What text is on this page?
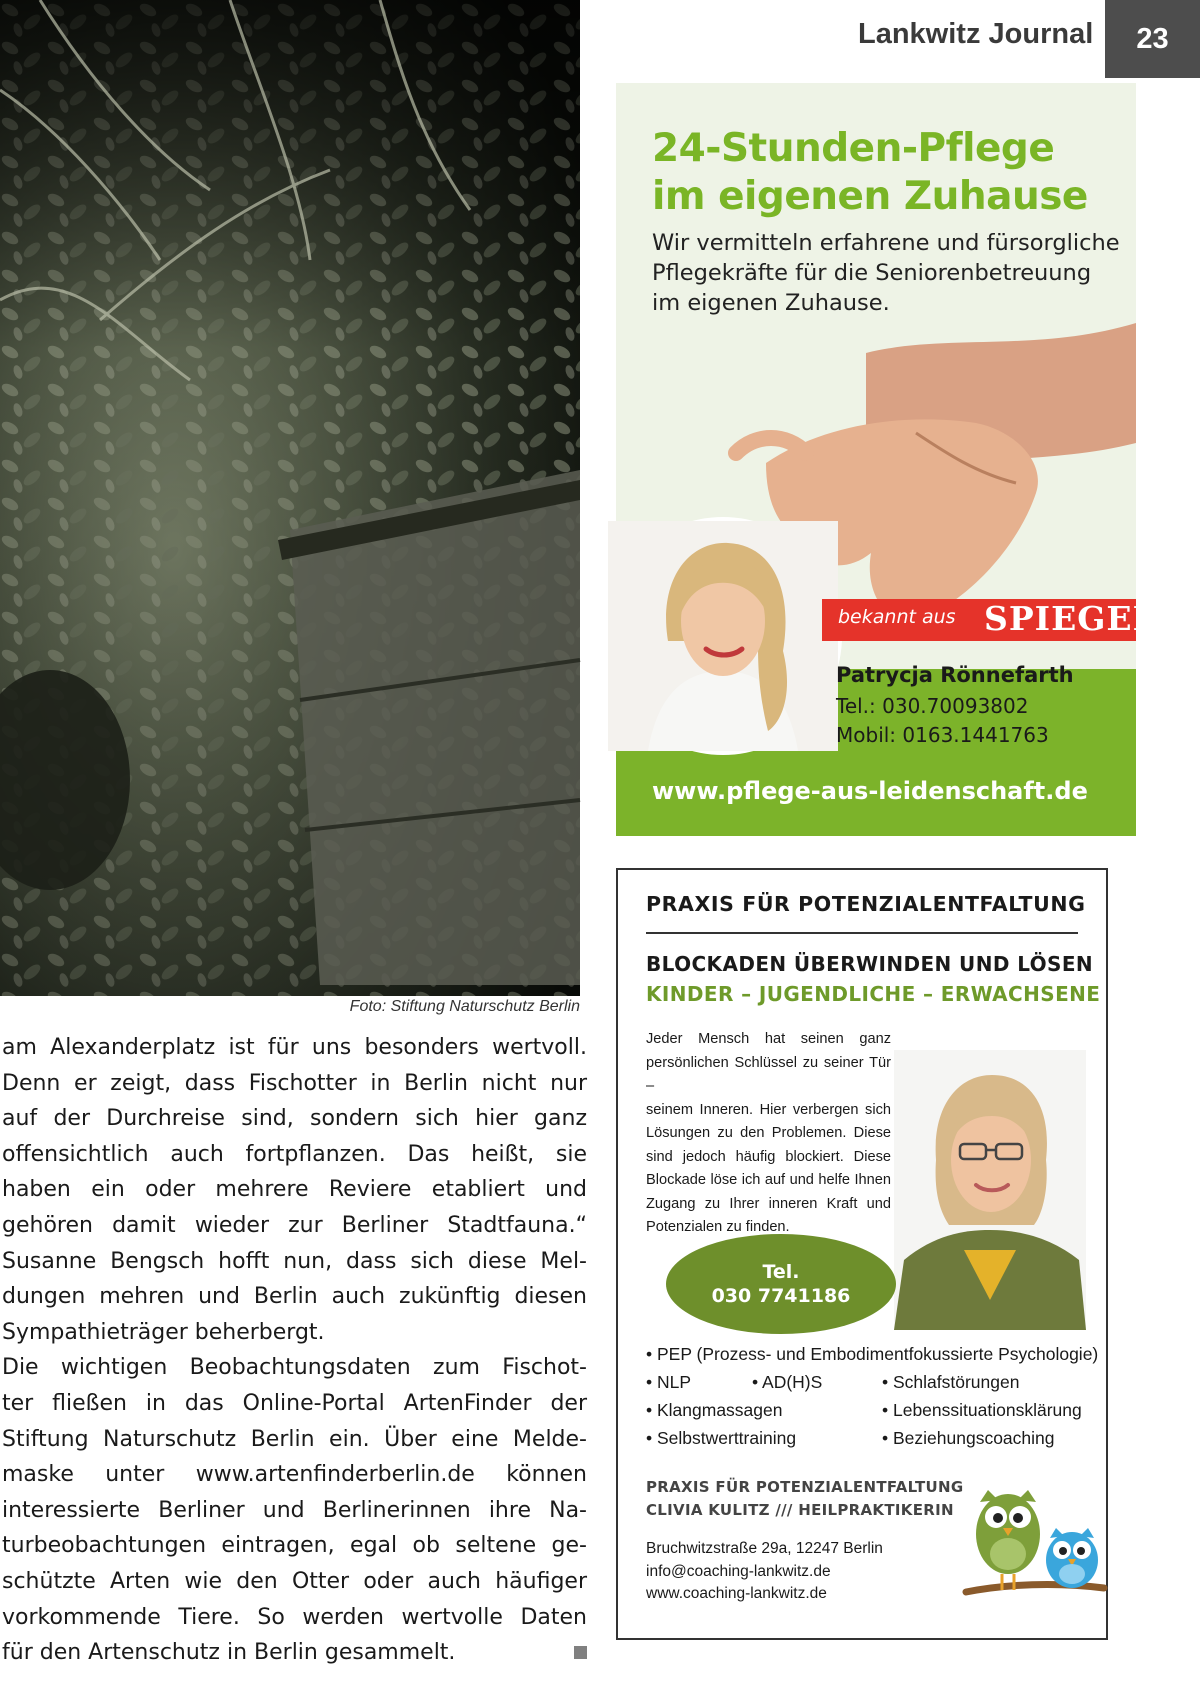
Lankwitz Journal	23
Foto: Stiftung Naturschutz Berlin

am Alexanderplatz ist für uns besonders wertvoll.

Denn er zeigt, dass Fischotter in Berlin nicht nur

auf der Durchreise sind, sondern sich hier ganz

offensichtlich auch fortpflanzen. Das heißt, sie

haben ein oder mehrere Reviere etabliert und

gehören damit wieder zur Berliner Stadtfauna.“

Susanne Bengsch hofft nun, dass sich diese Mel-

dungen mehren und Berlin auch zukünftig diesen

Sympathieträger beherbergt.

Die wichtigen Beobachtungsdaten zum Fischot-

ter fließen in das Online-Portal ArtenFinder der

Stiftung Naturschutz Berlin ein. Über eine Melde-

maske unter www.artenfinderberlin.de können

interessierte Berliner und Berlinerinnen ihre Na-

turbeobachtungen eintragen, egal ob seltene ge-

schützte Arten wie den Otter oder auch häufiger

vorkommende Tiere. So werden wertvolle Daten

für den Artenschutz in Berlin gesammelt.

24-Stunden-Pflege
im eigenen Zuhause
Wir vermitteln erfahrene und fürsorgliche
Pflegekräfte für die Seniorenbetreuung
im eigenen Zuhause.
bekannt aus SPIEGEL
Patrycja Rönnefarth
Tel.: 030.70093802
Mobil: 0163.1441763
www.pflege-aus-leidenschaft.de
PRAXIS FÜR POTENZIALENTFALTUNG
BLOCKADEN ÜBERWINDEN UND LÖSEN
KINDER – JUGENDLICHE – ERWACHSENE
Jeder Mensch hat seinen ganz
persönlichen Schlüssel zu seiner Tür –
seinem Inneren. Hier verbergen sich
Lösungen zu den Problemen. Diese
sind jedoch häufig blockiert. Diese
Blockade löse ich auf und helfe Ihnen
Zugang zu Ihrer inneren Kraft und
Potenzialen zu finden.
Tel.
030 7741186
• PEP (Prozess- und Embodimentfokussierte Psychologie)
• NLP	• AD(H)S	• Schlafstörungen
• Klangmassagen	• Lebenssituationsklärung
• Selbstwerttraining	• Beziehungscoaching
PRAXIS FÜR POTENZIALENTFALTUNG
CLIVIA KULITZ /// HEILPRAKTIKERIN
Bruchwitzstraße 29a, 12247 Berlin
info@coaching-lankwitz.de
www.coaching-lankwitz.de
